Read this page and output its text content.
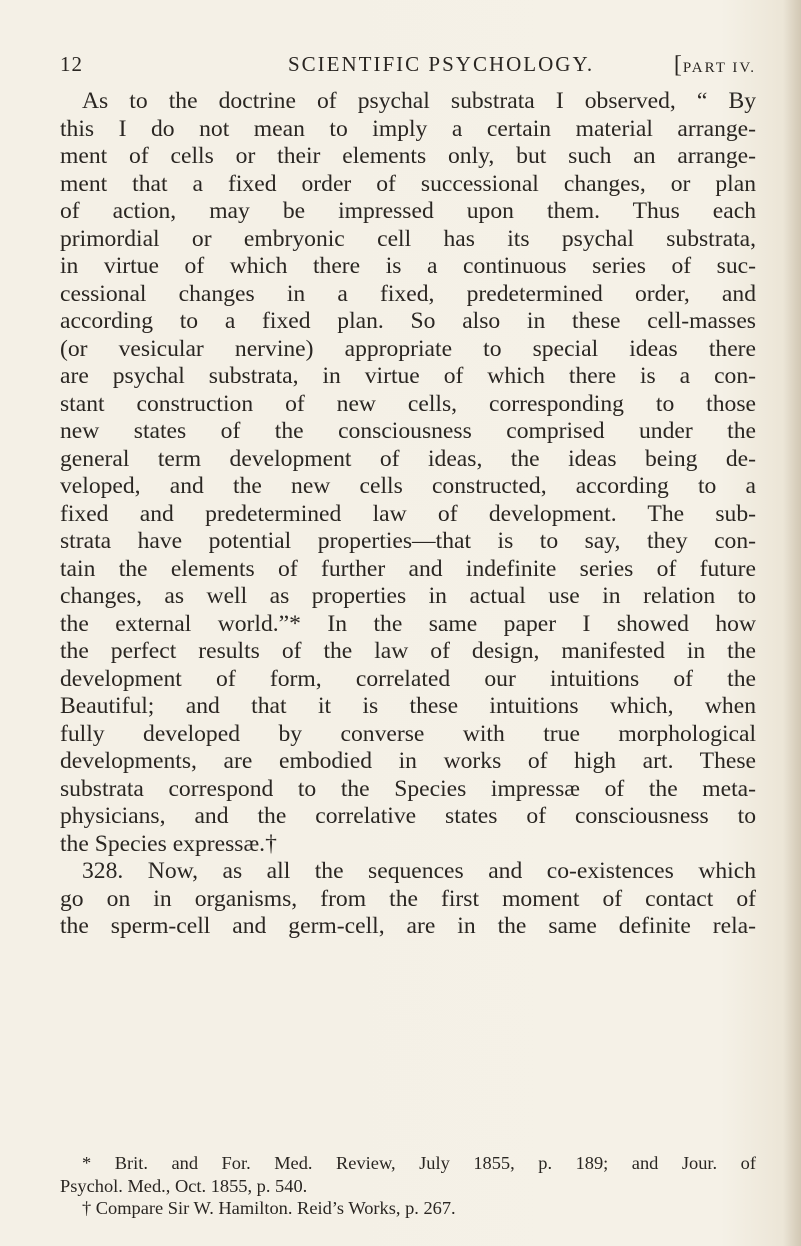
12	SCIENTIFIC PSYCHOLOGY.	[PART IV.
As to the doctrine of psychal substrata I observed, “ By
this I do not mean to imply a certain material arrange-
ment of cells or their elements only, but such an arrange-
ment that a fixed order of successional changes, or plan
of action, may be impressed upon them. Thus each
primordial or embryonic cell has its psychal substrata,
in virtue of which there is a continuous series of suc-
cessional changes in a fixed, predetermined order, and
according to a fixed plan. So also in these cell-masses
(or vesicular nervine) appropriate to special ideas there
are psychal substrata, in virtue of which there is a con-
stant construction of new cells, corresponding to those
new states of the consciousness comprised under the
general term development of ideas, the ideas being de-
veloped, and the new cells constructed, according to a
fixed and predetermined law of development. The sub-
strata have potential properties—that is to say, they con-
tain the elements of further and indefinite series of future
changes, as well as properties in actual use in relation to
the external world.”* In the same paper I showed how
the perfect results of the law of design, manifested in the
development of form, correlated our intuitions of the
Beautiful; and that it is these intuitions which, when
fully developed by converse with true morphological
developments, are embodied in works of high art. These
substrata correspond to the Species impressæ of the meta-
physicians, and the correlative states of consciousness to
the Species expressæ.†
328. Now, as all the sequences and co-existences which
go on in organisms, from the first moment of contact of
the sperm-cell and germ-cell, are in the same definite rela-
* Brit. and For. Med. Review, July 1855, p. 189; and Jour. of
Psychol. Med., Oct. 1855, p. 540.
† Compare Sir W. Hamilton. Reid’s Works, p. 267.
